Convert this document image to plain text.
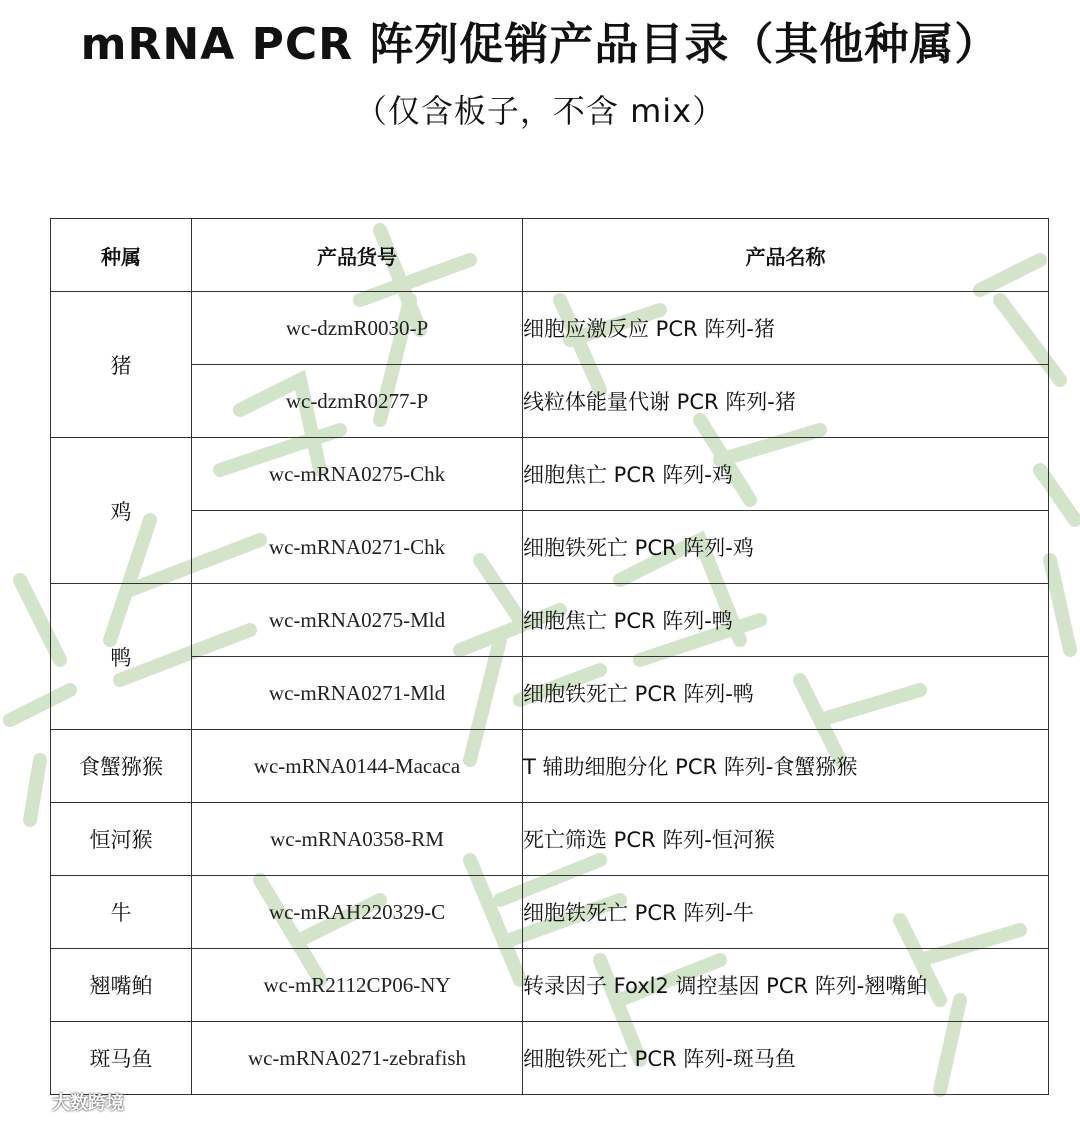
mRNA PCR 阵列促销产品目录（其他种属）
（仅含板子，不含 mix）
种属	产品货号	产品名称
猪	wc-dzmR0030-P	细胞应激反应 PCR 阵列-猪
	wc-dzmR0277-P	线粒体能量代谢 PCR 阵列-猪
鸡	wc-mRNA0275-Chk	细胞焦亡 PCR 阵列-鸡
	wc-mRNA0271-Chk	细胞铁死亡 PCR 阵列-鸡
鸭	wc-mRNA0275-Mld	细胞焦亡 PCR 阵列-鸭
	wc-mRNA0271-Mld	细胞铁死亡 PCR 阵列-鸭
食蟹猕猴	wc-mRNA0144-Macaca	T 辅助细胞分化 PCR 阵列-食蟹猕猴
恒河猴	wc-mRNA0358-RM	死亡筛选 PCR 阵列-恒河猴
牛	wc-mRAH220329-C	细胞铁死亡 PCR 阵列-牛
翘嘴鲌	wc-mR2112CP06-NY	转录因子 Foxl2 调控基因 PCR 阵列-翘嘴鲌
斑马鱼	wc-mRNA0271-zebrafish	细胞铁死亡 PCR 阵列-斑马鱼
大数跨境
